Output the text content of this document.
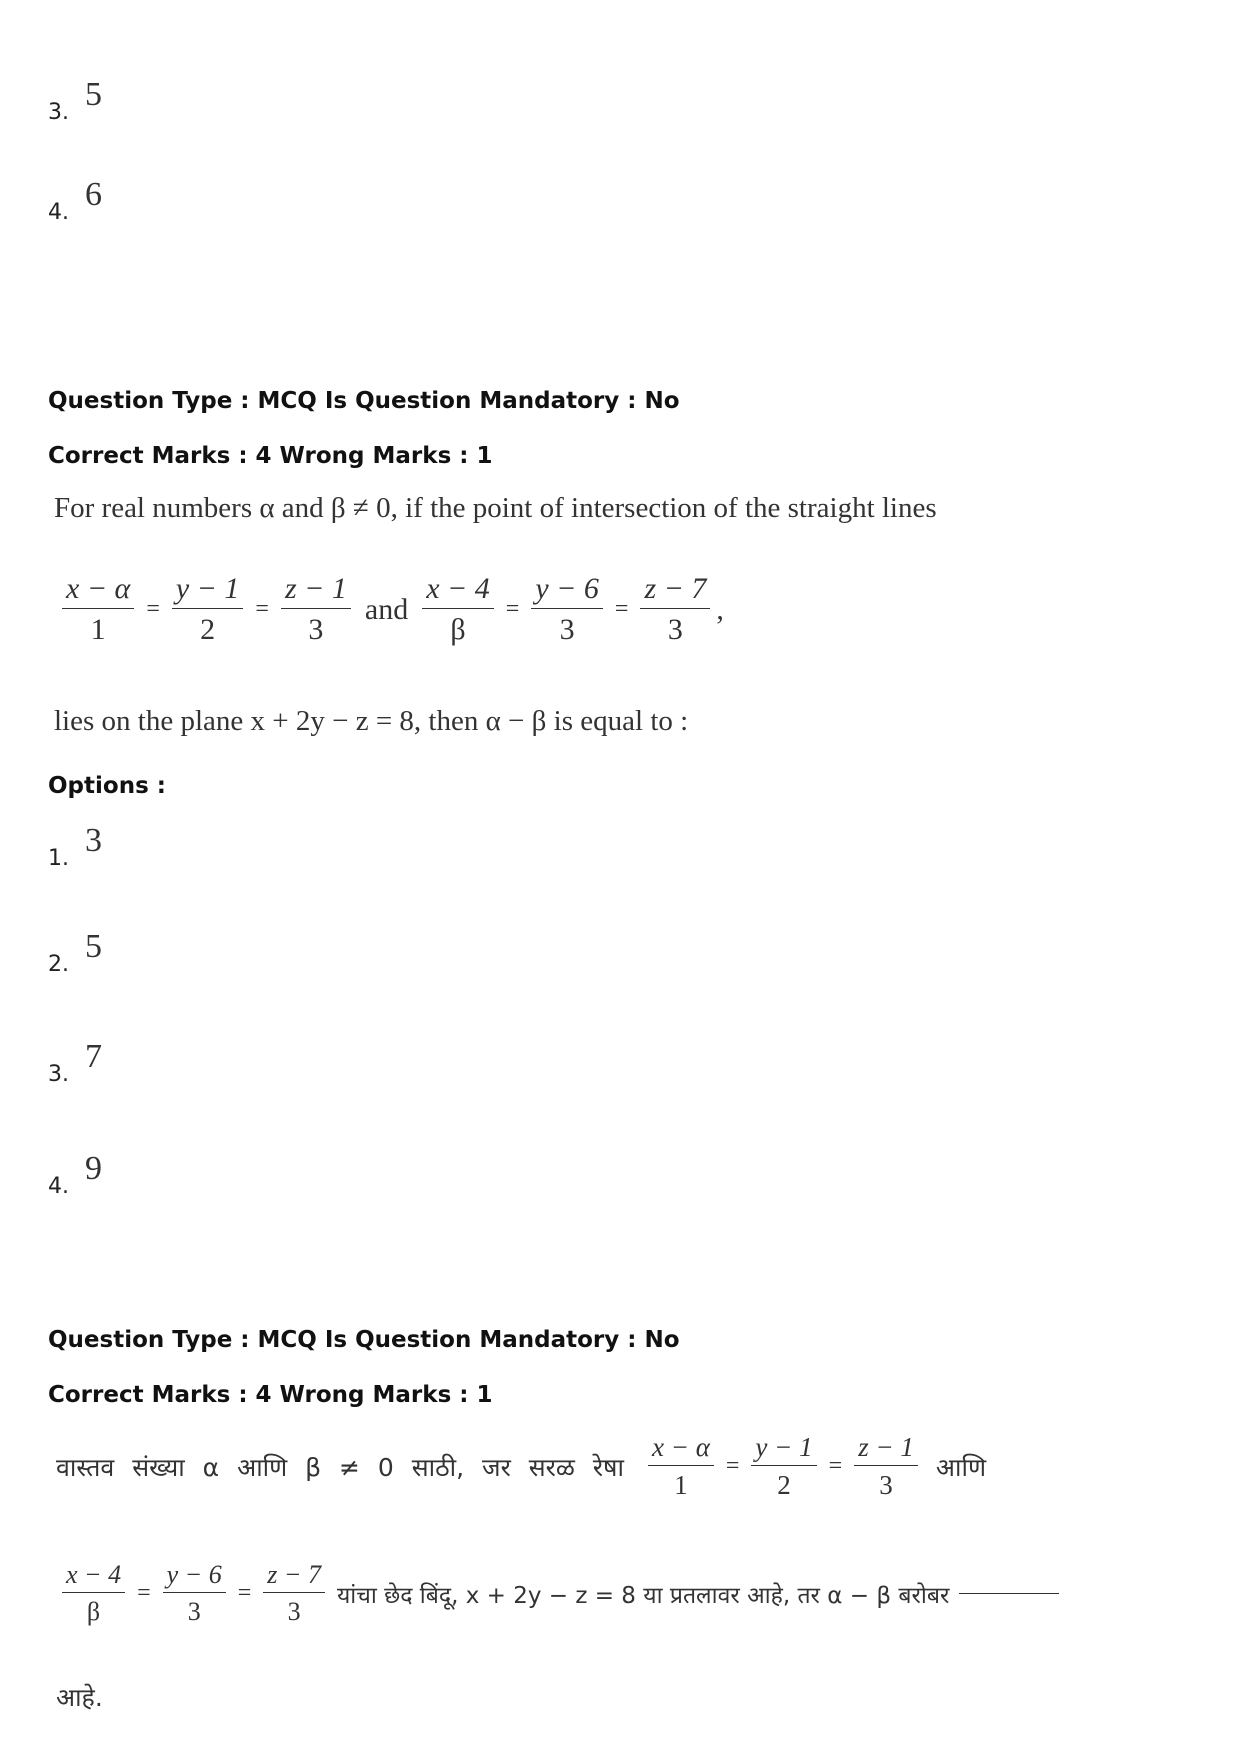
3. 5
4. 6
Question Type : MCQ Is Question Mandatory : No
Correct Marks : 4 Wrong Marks : 1
For real numbers α and β ≠ 0, if the point of intersection of the straight lines
$\frac{x - \alpha}{1} = \frac{y - 1}{2} = \frac{z - 1}{3}$ and $\frac{x - 4}{\beta} = \frac{y - 6}{3} = \frac{z - 7}{3}$ ,
lies on the plane x + 2y − z = 8, then α − β is equal to :
Options :
1. 3
2. 5
3. 7
4. 9
Question Type : MCQ Is Question Mandatory : No
Correct Marks : 4 Wrong Marks : 1
वास्तव संख्या α आणि β ≠ 0 साठी, जर सरळ रेषा $\frac{x - \alpha}{1} = \frac{y - 1}{2} = \frac{z - 1}{3}$ आणि
$\frac{x - 4}{\beta} = \frac{y - 6}{3} = \frac{z - 7}{3}$ यांचा छेद बिंदू, x + 2y − z = 8 या प्रतलावर आहे, तर α − β बरोबर
आहे.
